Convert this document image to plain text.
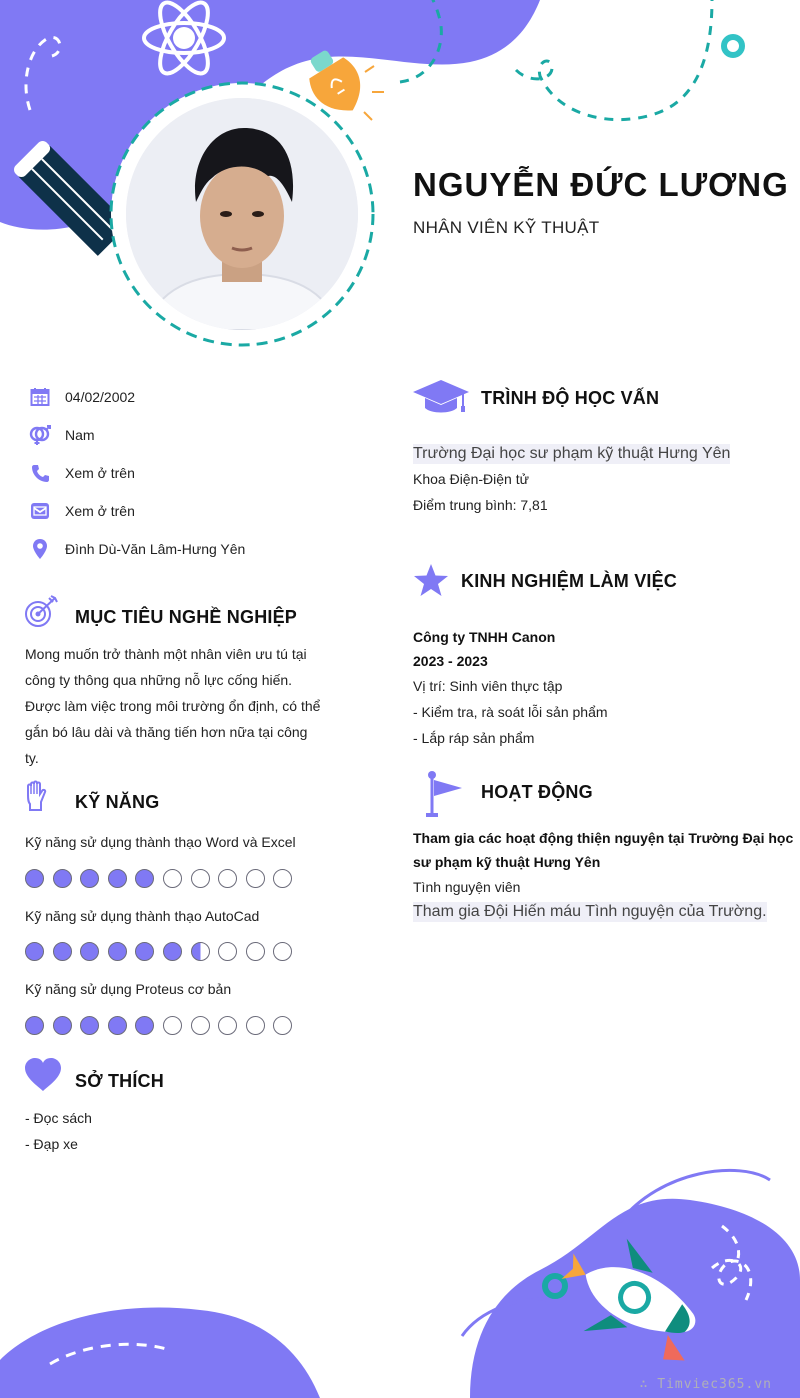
NGUYỄN ĐỨC LƯƠNG
NHÂN VIÊN KỸ THUẬT
04/02/2002
Nam
Xem ở trên
Xem ở trên
Đình Dù-Văn Lâm-Hưng Yên
MỤC TIÊU NGHỀ NGHIỆP
Mong muốn trở thành một nhân viên ưu tú tại
công ty thông qua những nỗ lực cống hiến.
Được làm việc trong môi trường ổn định, có thể
gắn bó lâu dài và thăng tiến hơn nữa tại công
ty.
KỸ NĂNG
Kỹ năng sử dụng thành thạo Word và Excel
Kỹ năng sử dụng thành thạo AutoCad
Kỹ năng sử dụng Proteus cơ bản
SỞ THÍCH
- Đọc sách
- Đạp xe
TRÌNH ĐỘ HỌC VẤN
Trường Đại học sư phạm kỹ thuật Hưng Yên
Khoa Điện-Điện tử
Điểm trung bình: 7,81
KINH NGHIỆM LÀM VIỆC
Công ty TNHH Canon
2023 - 2023
Vị trí: Sinh viên thực tập
- Kiểm tra, rà soát lỗi sản phẩm
- Lắp ráp sản phẩm
HOẠT ĐỘNG
Tham gia các hoạt động thiện nguyện tại Trường Đại học
sư phạm kỹ thuật Hưng Yên
Tình nguyện viên
Tham gia Đội Hiến máu Tình nguyện của Trường.
∴ Timviec365.vn
